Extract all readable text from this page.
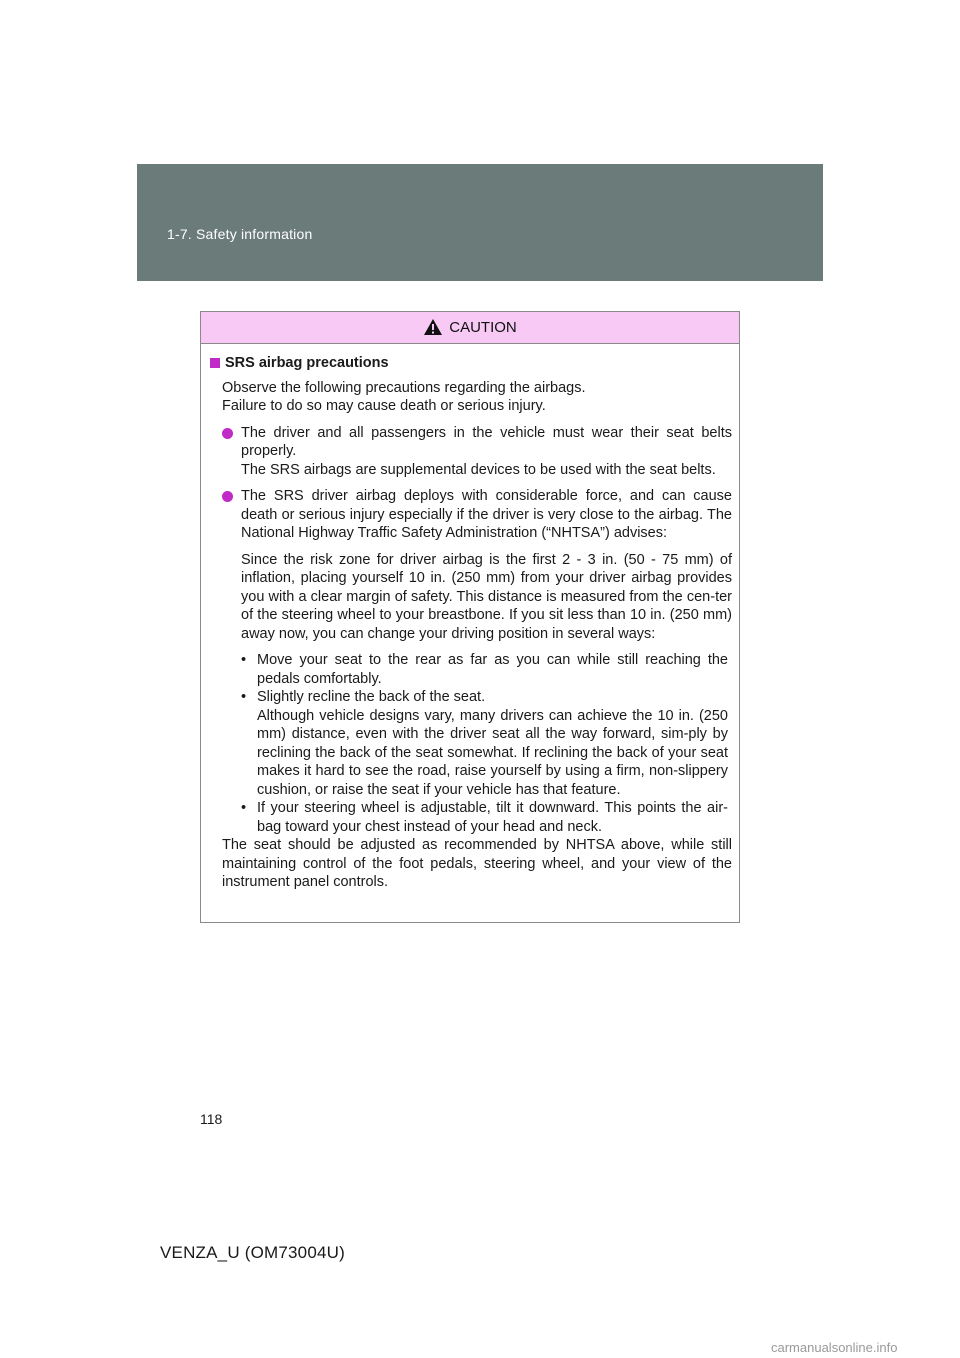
1-7. Safety information
CAUTION
SRS airbag precautions
Observe the following precautions regarding the airbags.
Failure to do so may cause death or serious injury.

The driver and all passengers in the vehicle must wear their seat belts properly.

The SRS airbags are supplemental devices to be used with the seat belts.

The SRS driver airbag deploys with considerable force, and can cause death or serious injury especially if the driver is very close to the airbag. The National Highway Traffic Safety Administration (“NHTSA”) advises:

Since the risk zone for driver airbag is the first 2 - 3 in. (50 - 75 mm) of inflation, placing yourself 10 in. (250 mm) from your driver airbag provides you with a clear margin of safety. This distance is measured from the cen-ter of the steering wheel to your breastbone. If you sit less than 10 in. (250 mm) away now, you can change your driving position in several ways:

• Move your seat to the rear as far as you can while still reaching the pedals comfortably.

• Slightly recline the back of the seat.

Although vehicle designs vary, many drivers can achieve the 10 in. (250 mm) distance, even with the driver seat all the way forward, sim-ply by reclining the back of the seat somewhat. If reclining the back of your seat makes it hard to see the road, raise yourself by using a firm, non-slippery cushion, or raise the seat if your vehicle has that feature.

• If your steering wheel is adjustable, tilt it downward. This points the air-bag toward your chest instead of your head and neck.

The seat should be adjusted as recommended by NHTSA above, while still maintaining control of the foot pedals, steering wheel, and your view of the instrument panel controls.

118
VENZA_U (OM73004U)
carmanualsonline.info
